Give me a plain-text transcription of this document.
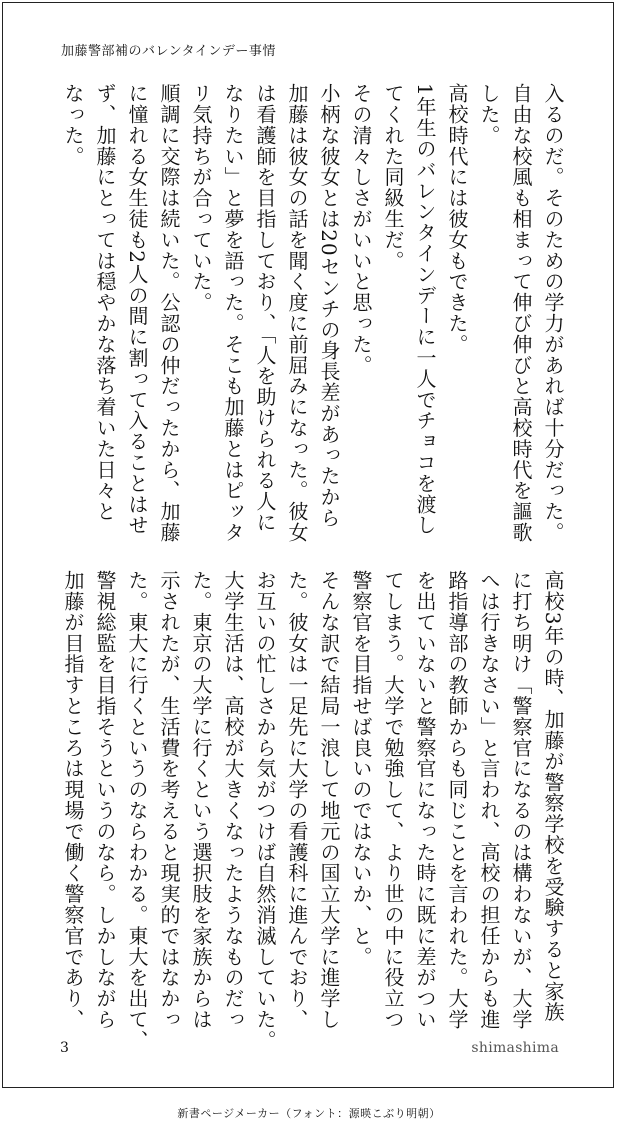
加藤警部補のバレンタインデー事情
入るのだ。そのための学力があれば十分だった。
自由な校風も相まって伸び伸びと高校時代を謳歌
した。
高校時代には彼女もできた。
1年生のバレンタインデーに一人でチョコを渡し
てくれた同級生だ。
その清々しさがいいと思った。
小柄な彼女とは20センチの身長差があったから
加藤は彼女の話を聞く度に前屈みになった。彼女
は看護師を目指しており、「人を助けられる人に
なりたい」と夢を語った。そこも加藤とはピッタ
リ気持ちが合っていた。
順調に交際は続いた。公認の仲だったから、加藤
に憧れる女生徒も2人の間に割って入ることはせ
ず、加藤にとっては穏やかな落ち着いた日々と
なった。
高校3年の時、加藤が警察学校を受験すると家族
に打ち明け「警察官になるのは構わないが、大学
へは行きなさい」と言われ、高校の担任からも進
路指導部の教師からも同じことを言われた。大学
を出ていないと警察官になった時に既に差がつい
てしまう。大学で勉強して、より世の中に役立つ
警察官を目指せば良いのではないか、と。
そんな訳で結局一浪して地元の国立大学に進学し
た。彼女は一足先に大学の看護科に進んでおり、
お互いの忙しさから気がつけば自然消滅していた。
大学生活は、高校が大きくなったようなものだっ
た。東京の大学に行くという選択肢を家族からは
示されたが、生活費を考えると現実的ではなかっ
た。東大に行くというのならわかる。東大を出て、
警視総監を目指そうというのなら。しかしながら
加藤が目指すところは現場で働く警察官であり、
3	shimashima
新書ページメーカー（フォント：源暎こぶり明朝）
